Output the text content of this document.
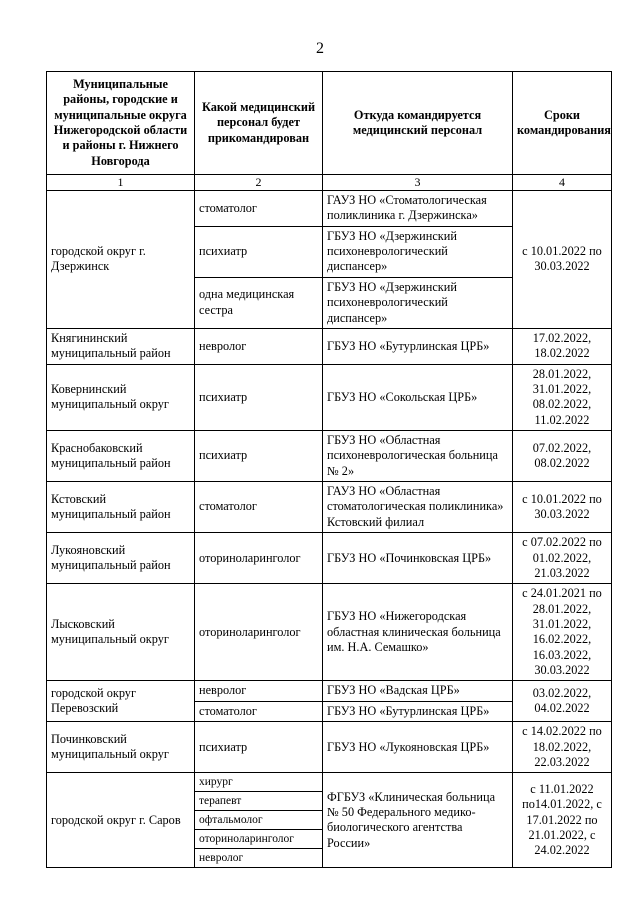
2
Муниципальные районы, городские и муниципальные округа Нижегородской области и районы г. Нижнего Новгорода	Какой медицинский персонал будет прикомандирован	Откуда командируется медицинский персонал	Сроки командирования
1	2	3	4
городской округ г. Дзержинск	стоматолог	ГАУЗ НО «Стоматологическая поликлиника г. Дзержинска»	с 10.01.2022 по 30.03.2022
	психиатр	ГБУЗ НО «Дзержинский психоневрологический диспансер»	
	одна медицинская сестра	ГБУЗ НО «Дзержинский психоневрологический диспансер»	
Княгининский муниципальный район	невролог	ГБУЗ НО «Бутурлинская ЦРБ»	17.02.2022, 18.02.2022
Ковернинский муниципальный округ	психиатр	ГБУЗ НО «Сокольская ЦРБ»	28.01.2022, 31.01.2022, 08.02.2022, 11.02.2022
Краснобаковский муниципальный район	психиатр	ГБУЗ НО «Областная психоневрологическая больница № 2»	07.02.2022, 08.02.2022
Кстовский муниципальный район	стоматолог	ГАУЗ НО «Областная стоматологическая поликлиника» Кстовский филиал	с 10.01.2022 по 30.03.2022
Лукояновский муниципальный район	оториноларинголог	ГБУЗ НО «Починковская ЦРБ»	с 07.02.2022 по 01.02.2022, 21.03.2022
Лысковский муниципальный округ	оториноларинголог	ГБУЗ НО «Нижегородская областная клиническая больница им. Н.А. Семашко»	с 24.01.2021 по 28.01.2022, 31.01.2022, 16.02.2022, 16.03.2022, 30.03.2022
городской округ Перевозский	невролог	ГБУЗ НО «Вадская ЦРБ»	03.02.2022, 04.02.2022
	стоматолог	ГБУЗ НО «Бутурлинская ЦРБ»	
Починковский муниципальный округ	психиатр	ГБУЗ НО «Лукояновская ЦРБ»	с 14.02.2022 по 18.02.2022, 22.03.2022
городской округ г. Саров	хирург	ФГБУЗ «Клиническая больница № 50 Федерального медико-биологического агентства России»	с 11.01.2022 по14.01.2022, с 17.01.2022 по 21.01.2022, с 24.02.2022
	терапевт		
	офтальмолог		
	оториноларинголог		
	невролог		
